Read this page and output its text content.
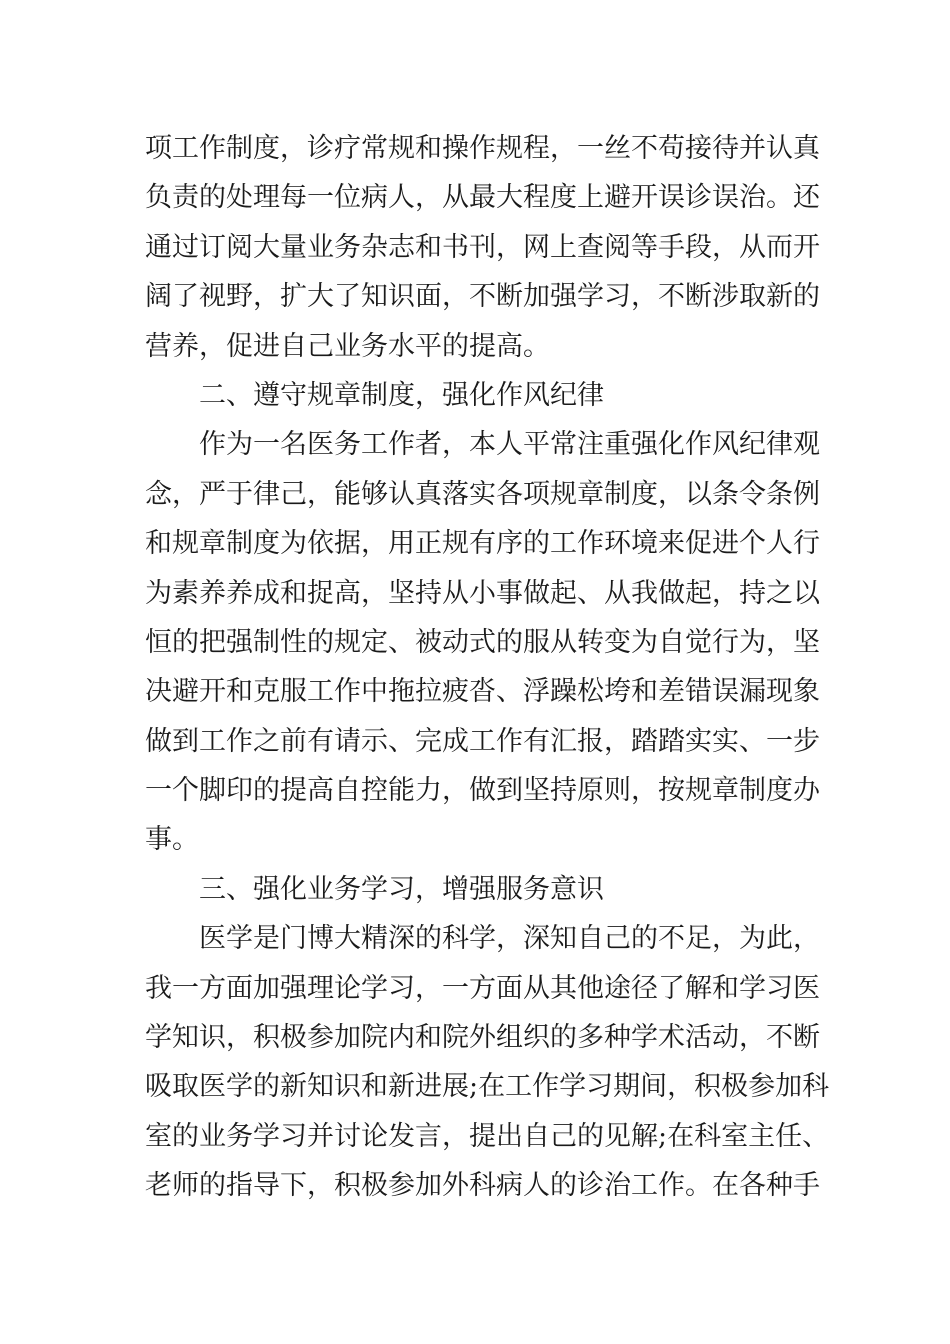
项工作制度，诊疗常规和操作规程，一丝不苟接待并认真
负责的处理每一位病人，从最大程度上避开误诊误治。还
通过订阅大量业务杂志和书刊，网上查阅等手段，从而开
阔了视野，扩大了知识面，不断加强学习，不断涉取新的
营养，促进自己业务水平的提高。
二、遵守规章制度，强化作风纪律
作为一名医务工作者，本人平常注重强化作风纪律观
念，严于律己，能够认真落实各项规章制度，以条令条例
和规章制度为依据，用正规有序的工作环境来促进个人行
为素养养成和捉高，坚持从小事做起、从我做起，持之以
恒的把强制性的规定、被动式的服从转变为自觉行为，坚
决避开和克服工作中拖拉疲沓、浮躁松垮和差错误漏现象
做到工作之前有请示、完成工作有汇报，踏踏实实、一步
一个脚印的提高自控能力，做到坚持原则，按规章制度办
事。
三、强化业务学习，增强服务意识
医学是门博大精深的科学，深知自己的不足，为此，
我一方面加强理论学习，一方面从其他途径了解和学习医
学知识，积极参加院内和院外组织的多种学术活动，不断
吸取医学的新知识和新进展;在工作学习期间，积极参加科
室的业务学习并讨论发言，提出自己的见解;在科室主任、
老师的指导下，积极参加外科病人的诊治工作。在各种手
